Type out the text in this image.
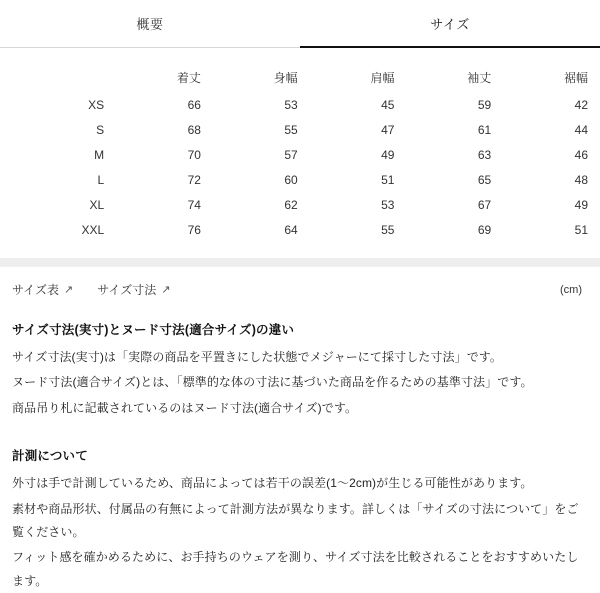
概要	サイズ
	着丈	身幅	肩幅	袖丈	裾幅
XS	66	53	45	59	42
S	68	55	47	61	44
M	70	57	49	63	46
L	72	60	51	65	48
XL	74	62	53	67	49
XXL	76	64	55	69	51
サイズ表 ↗ サイズ寸法 ↗	(cm)
サイズ寸法(実寸)とヌード寸法(適合サイズ)の違い

サイズ寸法(実寸)は「実際の商品を平置きにした状態でメジャーにて採寸した寸法」です。

ヌード寸法(適合サイズ)とは、「標準的な体の寸法に基づいた商品を作るための基準寸法」です。

商品吊り札に記載されているのはヌード寸法(適合サイズ)です。

計測について

外寸は手で計測しているため、商品によっては若干の誤差(1〜2cm)が生じる可能性があります。

素材や商品形状、付属品の有無によって計測方法が異なります。詳しくは「サイズの寸法について」をご覧ください。

フィット感を確かめるために、お手持ちのウェアを測り、サイズ寸法を比較されることをおすすめいたします。
